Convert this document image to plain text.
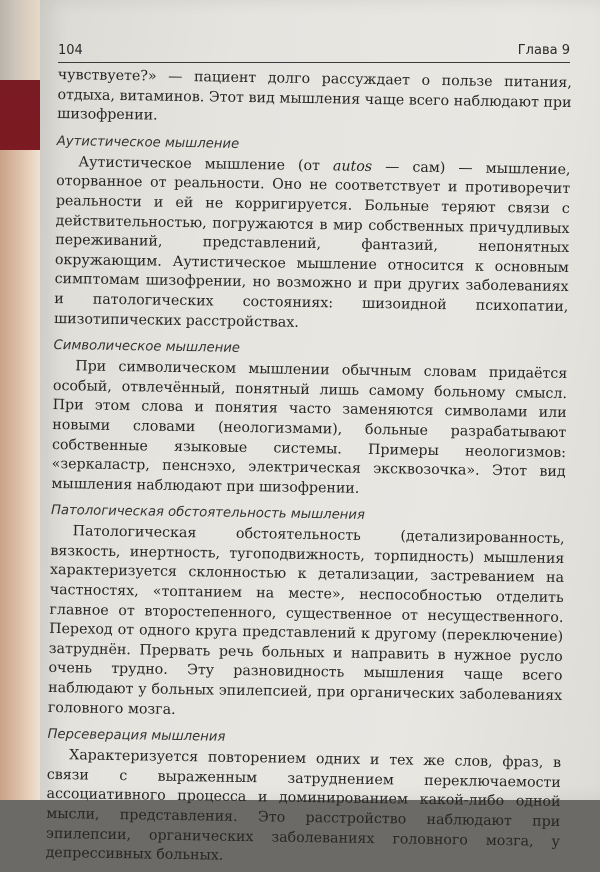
104	Глава 9

чувствуете?» — пациент долго рассуждает о пользе питания, отдыха, витаминов. Этот вид мышления чаще всего наблюдают при шизофрении.

Аутистическое мышление

Аутистическое мышление (от autos — сам) — мышление, оторванное от реальности. Оно не соответствует и противоречит реальности и ей не корригируется. Больные теряют связи с действительностью, погружаются в мир собственных причудливых переживаний, представлений, фантазий, непонятных окружающим. Аутистическое мышление относится к основным симптомам шизофрении, но возможно и при других заболеваниях и патологических состояниях: шизоидной психопатии, шизотипических расстройствах.

Символическое мышление

При символическом мышлении обычным словам придаётся особый, отвлечённый, понятный лишь самому больному смысл. При этом слова и понятия часто заменяются символами или новыми словами (неологизмами), больные разрабатывают собственные языковые системы. Примеры неологизмов: «зеркаластр, пенснэхо, электрическая эксквозочка». Этот вид мышления наблюдают при шизофрении.

Патологическая обстоятельность мышления

Патологическая обстоятельность (детализированность, вязкость, инертность, тугоподвижность, торпидность) мышления характеризуется склонностью к детализации, застреванием на частностях, «топтанием на месте», неспособностью отделить главное от второстепенного, существенное от несущественного. Переход от одного круга представлений к другому (переключение) затруднён. Прервать речь больных и направить в нужное русло очень трудно. Эту разновидность мышления чаще всего наблюдают у больных эпилепсией, при органических заболеваниях головного мозга.

Персеверация мышления

Характеризуется повторением одних и тех же слов, фраз, в связи с выраженным затруднением переключаемости ассоциативного процесса и доминированием какой-либо одной мысли, представления. Это расстройство наблюдают при эпилепсии, органических заболеваниях головного мозга, у депрессивных больных.
